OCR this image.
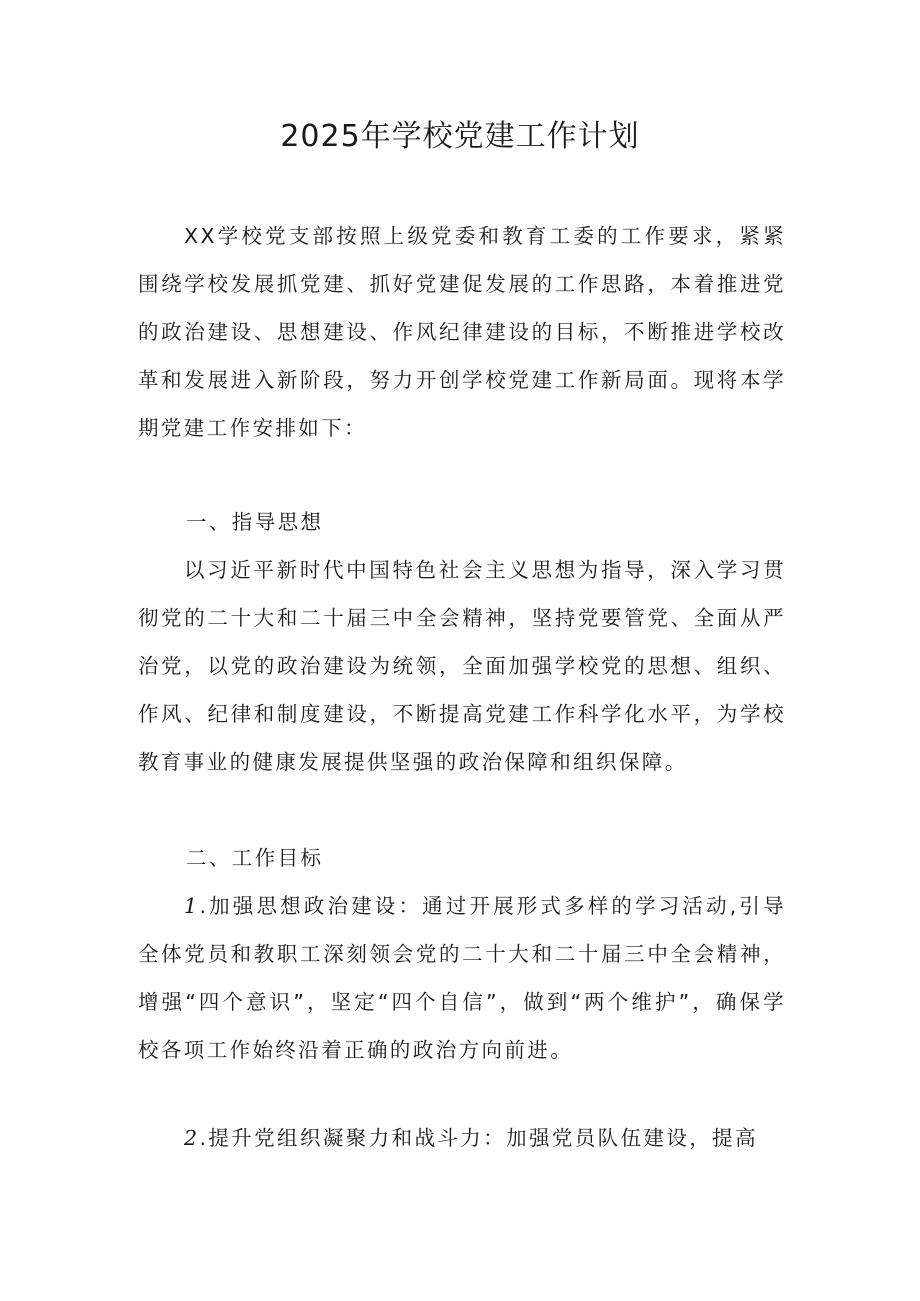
2025年学校党建工作计划

XX学校党支部按照上级党委和教育工委的工作要求，紧紧围绕学校发展抓党建、抓好党建促发展的工作思路，本着推进党的政治建设、思想建设、作风纪律建设的目标，不断推进学校改革和发展进入新阶段，努力开创学校党建工作新局面。现将本学期党建工作安排如下：

一、指导思想

以习近平新时代中国特色社会主义思想为指导，深入学习贯彻党的二十大和二十届三中全会精神，坚持党要管党、全面从严治党，以党的政治建设为统领，全面加强学校党的思想、组织、作风、纪律和制度建设，不断提高党建工作科学化水平，为学校教育事业的健康发展提供坚强的政治保障和组织保障。

二、工作目标

1.加强思想政治建设：通过开展形式多样的学习活动,引导全体党员和教职工深刻领会党的二十大和二十届三中全会精神，增强“四个意识”，坚定“四个自信”，做到“两个维护”，确保学校各项工作始终沿着正确的政治方向前进。

2.提升党组织凝聚力和战斗力：加强党员队伍建设，提高
